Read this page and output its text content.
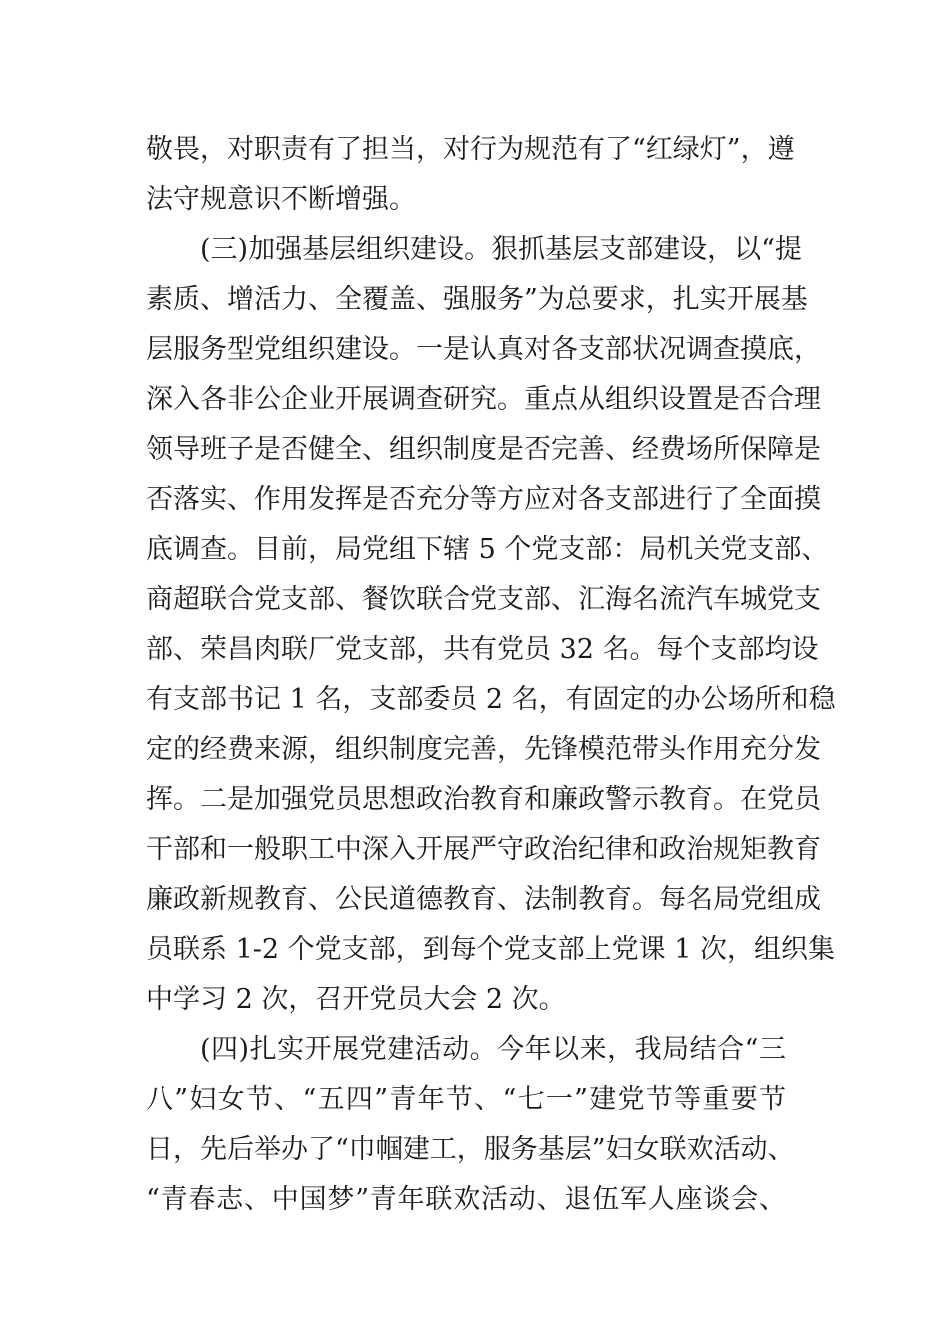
敬畏，对职责有了担当，对行为规范有了“红绿灯”，遵
法守规意识不断增强。
(三)加强基层组织建设。狠抓基层支部建设，以“提
素质、增活力、全覆盖、强服务”为总要求，扎实开展基
层服务型党组织建设。一是认真对各支部状况调查摸底，
深入各非公企业开展调查研究。重点从组织设置是否合理
领导班子是否健全、组织制度是否完善、经费场所保障是
否落实、作用发挥是否充分等方应对各支部进行了全面摸
底调查。目前，局党组下辖 5 个党支部：局机关党支部、
商超联合党支部、餐饮联合党支部、汇海名流汽车城党支
部、荣昌肉联厂党支部，共有党员 32 名。每个支部均设
有支部书记 1 名，支部委员 2 名，有固定的办公场所和稳
定的经费来源，组织制度完善，先锋模范带头作用充分发
挥。二是加强党员思想政治教育和廉政警示教育。在党员
干部和一般职工中深入开展严守政治纪律和政治规矩教育
廉政新规教育、公民道德教育、法制教育。每名局党组成
员联系 1-2 个党支部，到每个党支部上党课 1 次，组织集
中学习 2 次，召开党员大会 2 次。
(四)扎实开展党建活动。今年以来，我局结合“三
八”妇女节、“五四”青年节、“七一”建党节等重要节
日，先后举办了“巾帼建工，服务基层”妇女联欢活动、
“青春志、中国梦”青年联欢活动、退伍军人座谈会、
